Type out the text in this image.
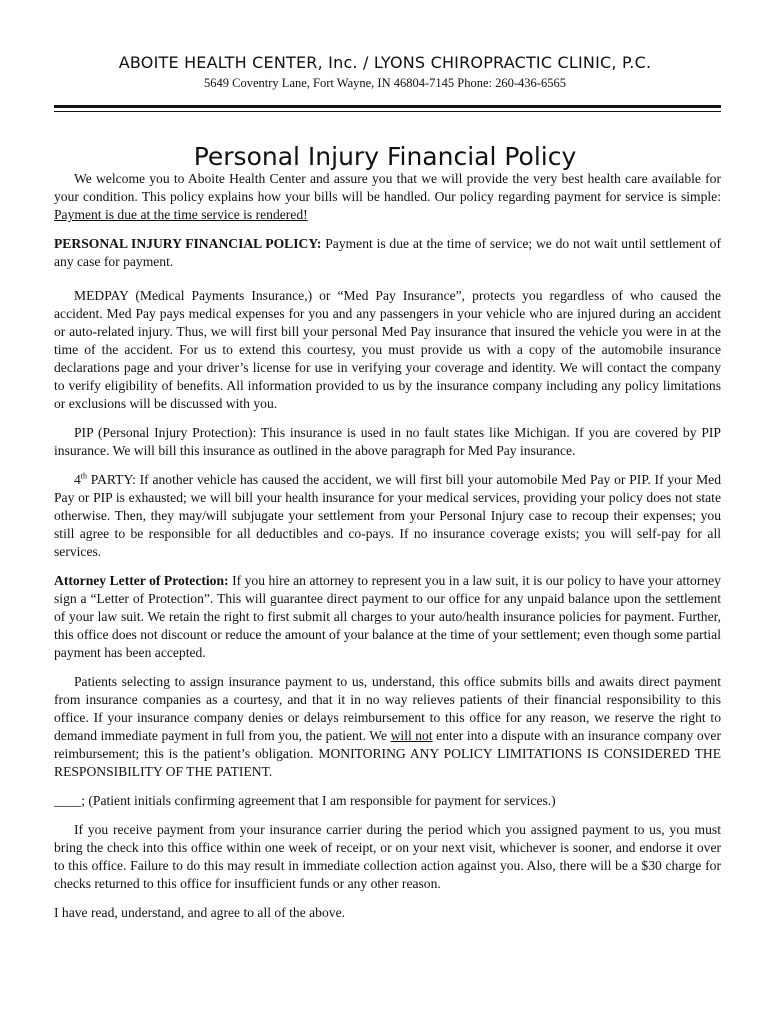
ABOITE HEALTH CENTER, Inc. / LYONS CHIROPRACTIC CLINIC, P.C.
5649 Coventry Lane, Fort Wayne, IN 46804-7145 Phone: 260-436-6565
Personal Injury Financial Policy

We welcome you to Aboite Health Center and assure you that we will provide the very best health care available for your condition. This policy explains how your bills will be handled. Our policy regarding payment for service is simple: Payment is due at the time service is rendered!

PERSONAL INJURY FINANCIAL POLICY: Payment is due at the time of service; we do not wait until settlement of any case for payment.

MEDPAY (Medical Payments Insurance,) or “Med Pay Insurance”, protects you regardless of who caused the accident. Med Pay pays medical expenses for you and any passengers in your vehicle who are injured during an accident or auto-related injury. Thus, we will first bill your personal Med Pay insurance that insured the vehicle you were in at the time of the accident. For us to extend this courtesy, you must provide us with a copy of the automobile insurance declarations page and your driver’s license for use in verifying your coverage and identity. We will contact the company to verify eligibility of benefits. All information provided to us by the insurance company including any policy limitations or exclusions will be discussed with you.

PIP (Personal Injury Protection): This insurance is used in no fault states like Michigan. If you are covered by PIP insurance. We will bill this insurance as outlined in the above paragraph for Med Pay insurance.

4th PARTY: If another vehicle has caused the accident, we will first bill your automobile Med Pay or PIP. If your Med Pay or PIP is exhausted; we will bill your health insurance for your medical services, providing your policy does not state otherwise. Then, they may/will subjugate your settlement from your Personal Injury case to recoup their expenses; you still agree to be responsible for all deductibles and co-pays. If no insurance coverage exists; you will self-pay for all services.

Attorney Letter of Protection: If you hire an attorney to represent you in a law suit, it is our policy to have your attorney sign a “Letter of Protection”. This will guarantee direct payment to our office for any unpaid balance upon the settlement of your law suit. We retain the right to first submit all charges to your auto/health insurance policies for payment. Further, this office does not discount or reduce the amount of your balance at the time of your settlement; even though some partial payment has been accepted.

Patients selecting to assign insurance payment to us, understand, this office submits bills and awaits direct payment from insurance companies as a courtesy, and that it in no way relieves patients of their financial responsibility to this office. If your insurance company denies or delays reimbursement to this office for any reason, we reserve the right to demand immediate payment in full from you, the patient. We will not enter into a dispute with an insurance company over reimbursement; this is the patient’s obligation. MONITORING ANY POLICY LIMITATIONS IS CONSIDERED THE RESPONSIBILITY OF THE PATIENT.

____; (Patient initials confirming agreement that I am responsible for payment for services.)

If you receive payment from your insurance carrier during the period which you assigned payment to us, you must bring the check into this office within one week of receipt, or on your next visit, whichever is sooner, and endorse it over to this office. Failure to do this may result in immediate collection action against you. Also, there will be a $30 charge for checks returned to this office for insufficient funds or any other reason.

I have read, understand, and agree to all of the above.
